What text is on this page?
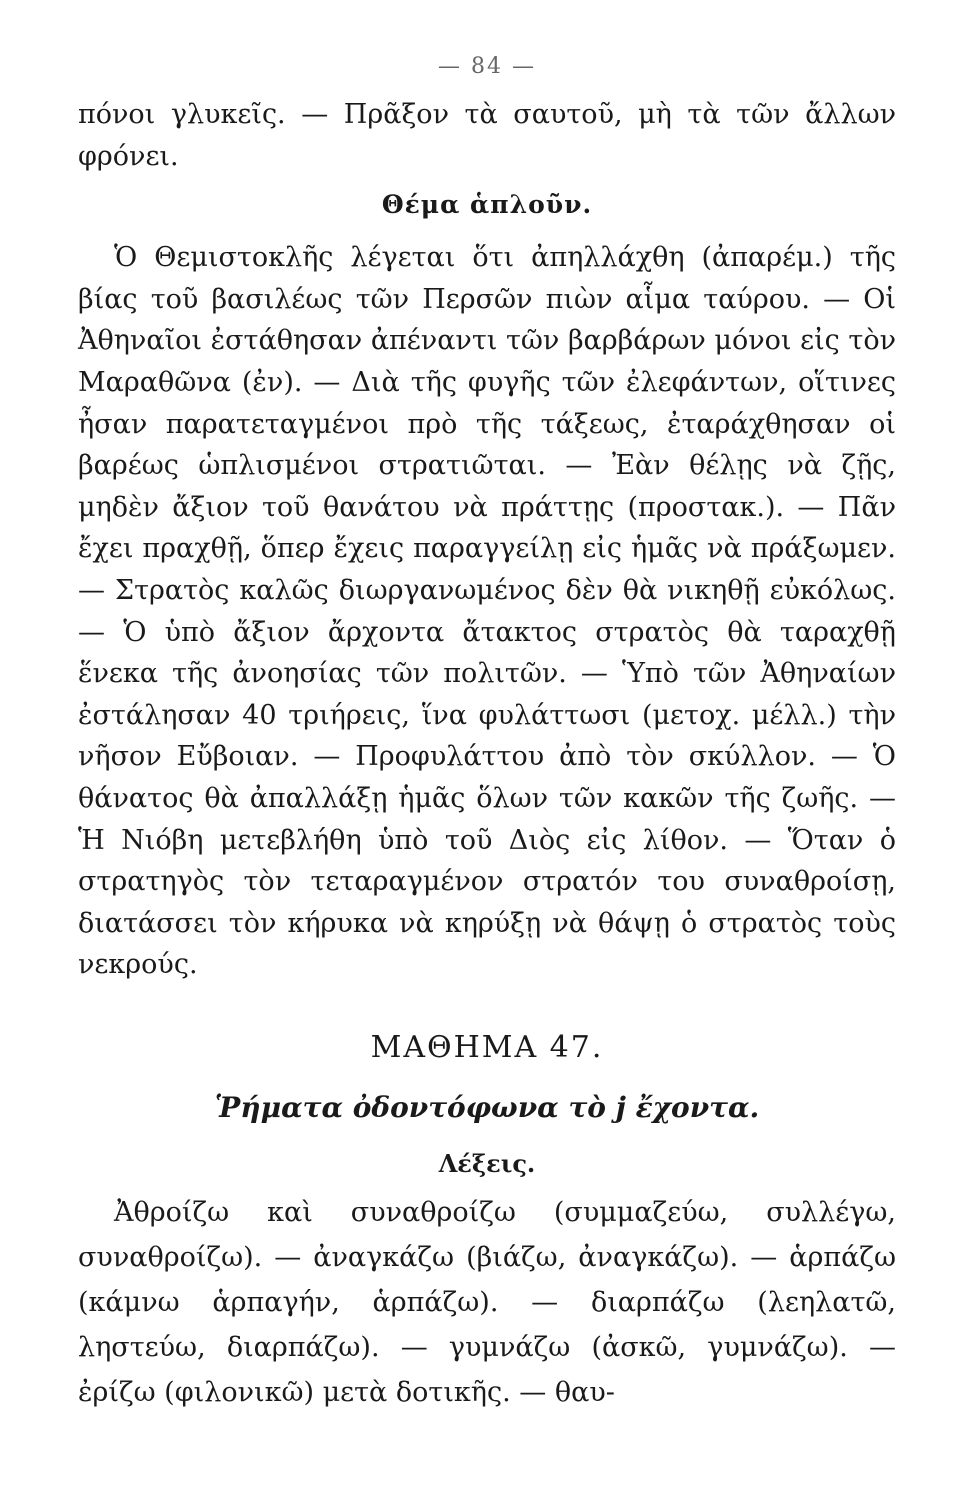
— 84 —

πόνοι γλυκεῖς. — Πρᾶξον τὰ σαυτοῦ, μὴ τὰ τῶν ἄλλων φρόνει.

Θέμα ἁπλοῦν.

Ὁ Θεμιστοκλῆς λέγεται ὅτι ἀπηλλάχθη (ἀπαρέμ.) τῆς βίας τοῦ βασιλέως τῶν Περσῶν πιὼν αἷμα ταύρου. — Οἱ Ἀθηναῖοι ἐστάθησαν ἀπέναντι τῶν βαρβάρων μόνοι εἰς τὸν Μαραθῶνα (ἐν). — Διὰ τῆς φυγῆς τῶν ἐλεφάντων, οἵτινες ἦσαν παρατεταγμένοι πρὸ τῆς τάξεως, ἐταράχθησαν οἱ βαρέως ὡπλισμένοι στρατιῶται. — Ἐὰν θέλῃς νὰ ζῇς, μηδὲν ἄξιον τοῦ θανάτου νὰ πράττῃς (προστακ.). — Πᾶν ἔχει πραχθῇ, ὅπερ ἔχεις παραγγείλῃ εἰς ἡμᾶς νὰ πράξωμεν. — Στρατὸς καλῶς διωργανωμένος δὲν θὰ νικηθῇ εὐκόλως. — Ὁ ὑπὸ ἄξιον ἄρχοντα ἄτακτος στρατὸς θὰ ταραχθῇ ἕνεκα τῆς ἀνοησίας τῶν πολιτῶν. — Ὑπὸ τῶν Ἀθηναίων ἐστάλησαν 40 τριήρεις, ἵνα φυλάττωσι (μετοχ. μέλλ.) τὴν νῆσον Εὔβοιαν. — Προφυλάττου ἀπὸ τὸν σκύλλον. — Ὁ θάνατος θὰ ἀπαλλάξῃ ἡμᾶς ὅλων τῶν κακῶν τῆς ζωῆς. — Ἡ Νιόβη μετεβλήθη ὑπὸ τοῦ Διὸς εἰς λίθον. — Ὅταν ὁ στρατηγὸς τὸν τεταραγμένον στρατόν του συναθροίσῃ, διατάσσει τὸν κήρυκα νὰ κηρύξῃ νὰ θάψῃ ὁ στρατὸς τοὺς νεκρούς.

ΜΑΘΗΜΑ 47.
Ῥήματα ὀδοντόφωνα τὸ j ἔχοντα.
Λέξεις.

Ἀθροίζω καὶ συναθροίζω (συμμαζεύω, συλλέγω, συναθροίζω). — ἀναγκάζω (βιάζω, ἀναγκάζω). — ἁρπάζω (κάμνω ἁρπαγήν, ἁρπάζω). — διαρπάζω (λεηλατῶ, ληστεύω, διαρπάζω). — γυμνάζω (ἀσκῶ, γυμνάζω). — ἐρίζω (φιλονικῶ) μετὰ δοτικῆς. — θαυ-
